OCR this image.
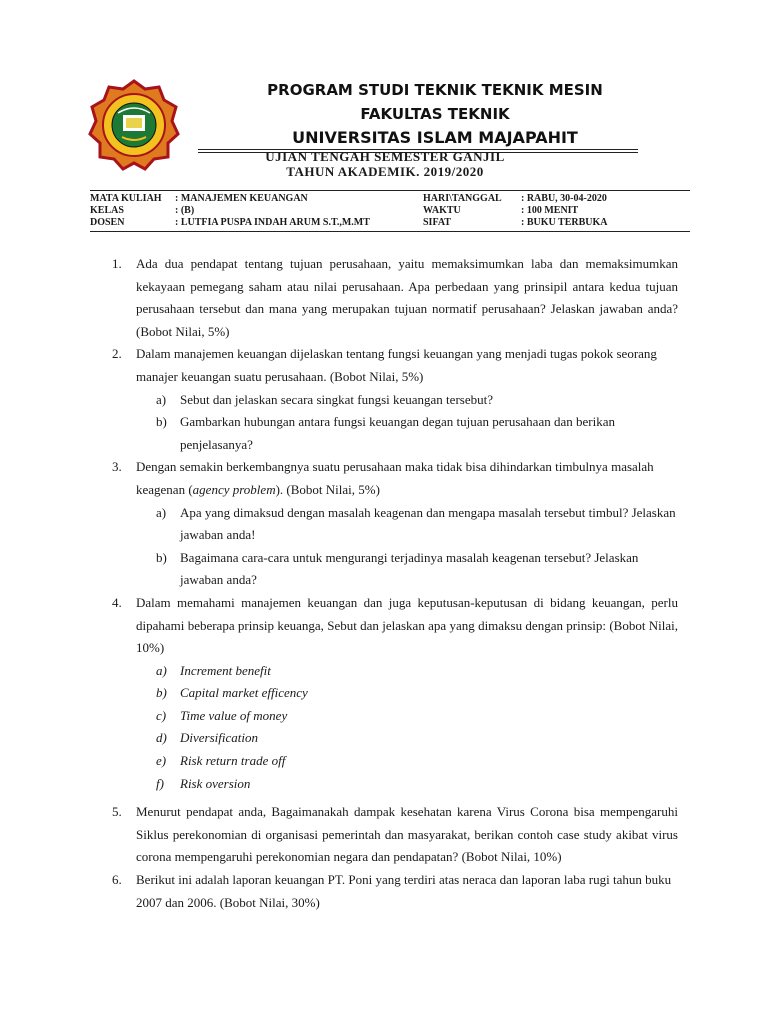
PROGRAM STUDI TEKNIK TEKNIK MESIN
FAKULTAS TEKNIK
UNIVERSITAS ISLAM MAJAPAHIT
UJIAN TENGAH SEMESTER GANJIL
TAHUN AKADEMIK. 2019/2020
MATA KULIAH	: MANAJEMEN KEUANGAN	HARI\TANGGAL	: RABU, 30-04-2020
KELAS	: (B)	WAKTU	: 100 MENIT
DOSEN	: LUTFIA PUSPA INDAH ARUM S.T.,M.MT	SIFAT	: BUKU TERBUKA
1.	Ada dua pendapat tentang tujuan perusahaan, yaitu memaksimumkan laba dan memaksimumkan kekayaan pemegang saham atau nilai perusahaan. Apa perbedaan yang prinsipil antara kedua tujuan perusahaan tersebut dan mana yang merupakan tujuan normatif perusahaan? Jelaskan jawaban anda? (Bobot Nilai, 5%)
2.	Dalam manajemen keuangan dijelaskan tentang fungsi keuangan yang menjadi tugas pokok seorang manajer keuangan suatu perusahaan. (Bobot Nilai, 5%)
a)	Sebut dan jelaskan secara singkat fungsi keuangan tersebut?
b)	Gambarkan hubungan antara fungsi keuangan degan tujuan perusahaan dan berikan penjelasanya?
3.	Dengan semakin berkembangnya suatu perusahaan maka tidak bisa dihindarkan timbulnya masalah keagenan (agency problem). (Bobot Nilai, 5%)
a)	Apa yang dimaksud dengan masalah keagenan dan mengapa masalah tersebut timbul? Jelaskan jawaban anda!
b)	Bagaimana cara-cara untuk mengurangi terjadinya masalah keagenan tersebut? Jelaskan jawaban anda?
4.	Dalam memahami manajemen keuangan dan juga keputusan-keputusan di bidang keuangan, perlu dipahami beberapa prinsip keuanga, Sebut dan jelaskan apa yang dimaksu dengan prinsip: (Bobot Nilai, 10%)
a)	Increment benefit
b)	Capital market efficency
c)	Time value of money
d)	Diversification
e)	Risk return trade off
f)	Risk oversion
5.	Menurut pendapat anda, Bagaimanakah dampak kesehatan karena Virus Corona bisa mempengaruhi Siklus perekonomian di organisasi pemerintah dan masyarakat, berikan contoh case study akibat virus corona mempengaruhi perekonomian negara dan pendapatan? (Bobot Nilai, 10%)
6.	Berikut ini adalah laporan keuangan PT. Poni yang terdiri atas neraca dan laporan laba rugi tahun buku 2007 dan 2006. (Bobot Nilai, 30%)
